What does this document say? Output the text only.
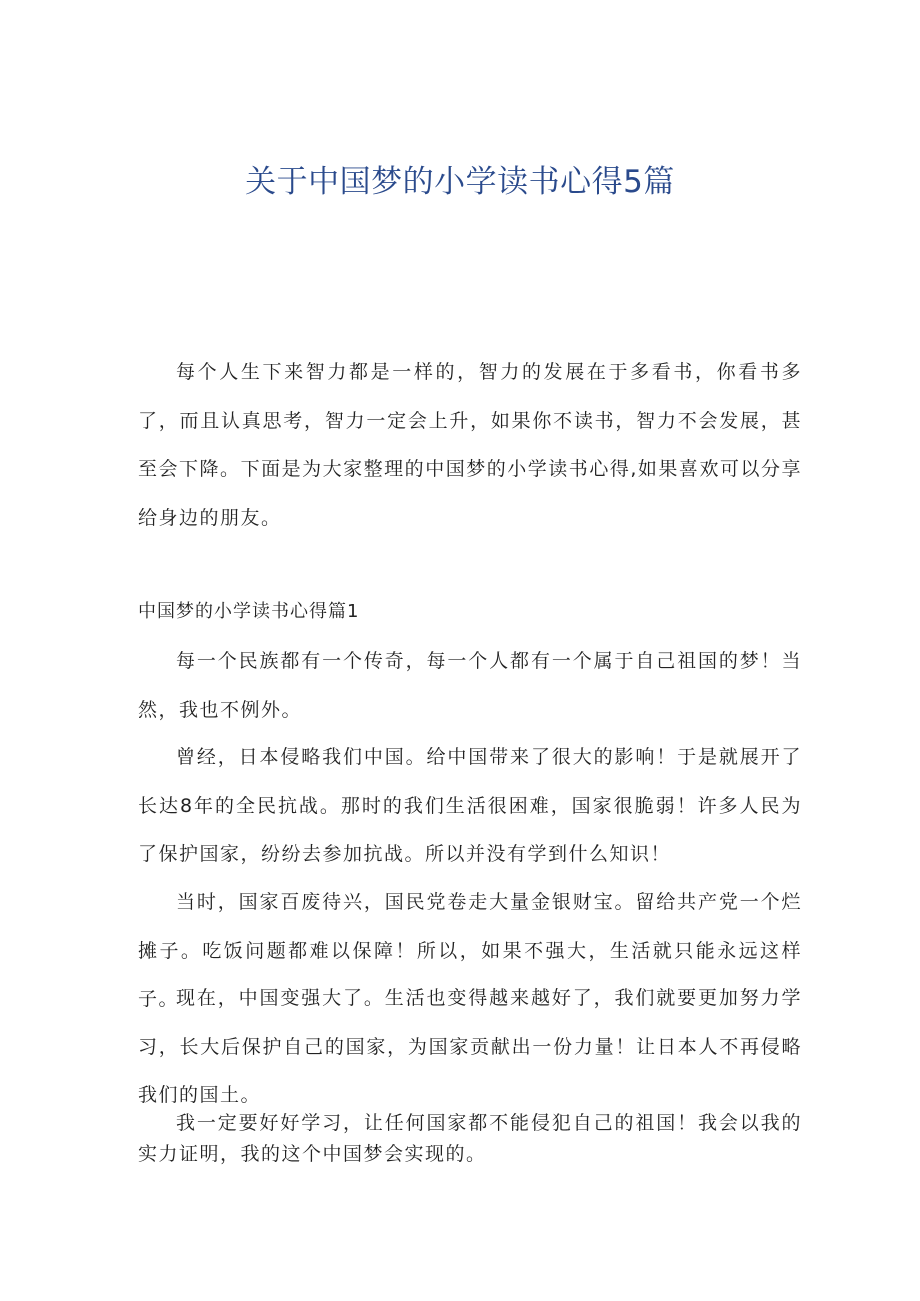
关于中国梦的小学读书心得5篇

每个人生下来智力都是一样的，智力的发展在于多看书，你看书多了，而且认真思考，智力一定会上升，如果你不读书，智力不会发展，甚至会下降。下面是为大家整理的中国梦的小学读书心得,如果喜欢可以分享给身边的朋友。

中国梦的小学读书心得篇1

每一个民族都有一个传奇，每一个人都有一个属于自己祖国的梦！当然，我也不例外。

曾经，日本侵略我们中国。给中国带来了很大的影响！于是就展开了长达8年的全民抗战。那时的我们生活很困难，国家很脆弱！许多人民为了保护国家，纷纷去参加抗战。所以并没有学到什么知识！

当时，国家百废待兴，国民党卷走大量金银财宝。留给共产党一个烂摊子。吃饭问题都难以保障！所以，如果不强大，生活就只能永远这样子。

现在，中国变强大了。生活也变得越来越好了，我们就要更加努力学习，长大后保护自己的国家，为国家贡献出一份力量！让日本人不再侵略我们的国土。

我一定要好好学习，让任何国家都不能侵犯自己的祖国！我会以我的实力证明，我的这个中国梦会实现的。
